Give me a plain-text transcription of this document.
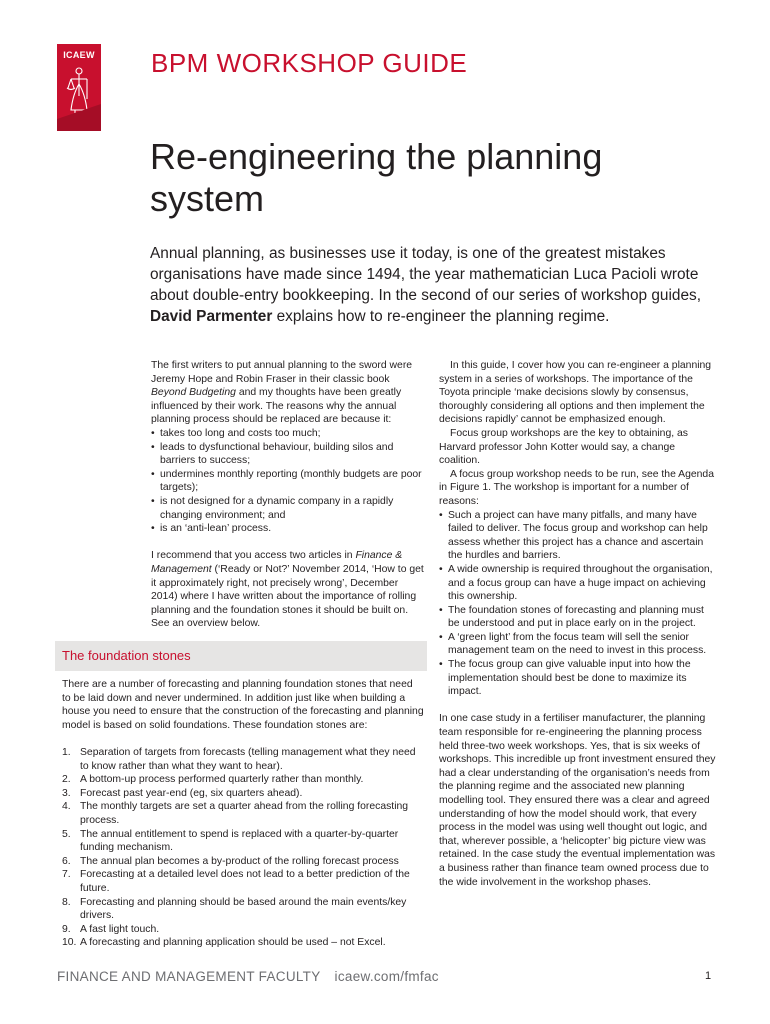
ICAEW BPM WORKSHOP GUIDE
Re-engineering the planning system

Annual planning, as businesses use it today, is one of the greatest mistakes organisations have made since 1494, the year mathematician Luca Pacioli wrote about double-entry bookkeeping. In the second of our series of workshop guides, David Parmenter explains how to re-engineer the planning regime.

The first writers to put annual planning to the sword were Jeremy Hope and Robin Fraser in their classic book Beyond Budgeting and my thoughts have been greatly influenced by their work. The reasons why the annual planning process should be replaced are because it:

• takes too long and costs too much;
• leads to dysfunctional behaviour, building silos and barriers to success;
• undermines monthly reporting (monthly budgets are poor targets);
• is not designed for a dynamic company in a rapidly changing environment; and
• is an ‘anti-lean’ process.

I recommend that you access two articles in Finance & Management (‘Ready or Not?’ November 2014, ‘How to get it approximately right, not precisely wrong’, December 2014) where I have written about the importance of rolling planning and the foundation stones it should be built on. See an overview below.

The foundation stones

There are a number of forecasting and planning foundation stones that need to be laid down and never undermined. In addition just like when building a house you need to ensure that the construction of the forecasting and planning model is based on solid foundations. These foundation stones are:

1. Separation of targets from forecasts (telling management what they need to know rather than what they want to hear).
2. A bottom-up process performed quarterly rather than monthly.
3. Forecast past year-end (eg, six quarters ahead).
4. The monthly targets are set a quarter ahead from the rolling forecasting process.
5. The annual entitlement to spend is replaced with a quarter-by-quarter funding mechanism.
6. The annual plan becomes a by-product of the rolling forecast process
7. Forecasting at a detailed level does not lead to a better prediction of the future.
8. Forecasting and planning should be based around the main events/key drivers.
9. A fast light touch.
10. A forecasting and planning application should be used – not Excel.

In this guide, I cover how you can re-engineer a planning system in a series of workshops. The importance of the Toyota principle ‘make decisions slowly by consensus, thoroughly considering all options and then implement the decisions rapidly’ cannot be emphasized enough.

Focus group workshops are the key to obtaining, as Harvard professor John Kotter would say, a change coalition.

A focus group workshop needs to be run, see the Agenda in Figure 1. The workshop is important for a number of reasons:

• Such a project can have many pitfalls, and many have failed to deliver. The focus group and workshop can help assess whether this project has a chance and ascertain the hurdles and barriers.
• A wide ownership is required throughout the organisation, and a focus group can have a huge impact on achieving this ownership.
• The foundation stones of forecasting and planning must be understood and put in place early on in the project.
• A ‘green light’ from the focus team will sell the senior management team on the need to invest in this process.
• The focus group can give valuable input into how the implementation should best be done to maximize its impact.

In one case study in a fertiliser manufacturer, the planning team responsible for re-engineering the planning process held three-two week workshops. Yes, that is six weeks of workshops. This incredible up front investment ensured they had a clear understanding of the organisation’s needs from the planning regime and the associated new planning modelling tool. They ensured there was a clear and agreed understanding of how the model should work, that every process in the model was using well thought out logic, and that, wherever possible, a ‘helicopter’ big picture view was retained. In the case study the eventual implementation was a business rather than finance team owned process due to the wide involvement in the workshop phases.

FINANCE AND MANAGEMENT FACULTY icaew.com/fmfac	1
